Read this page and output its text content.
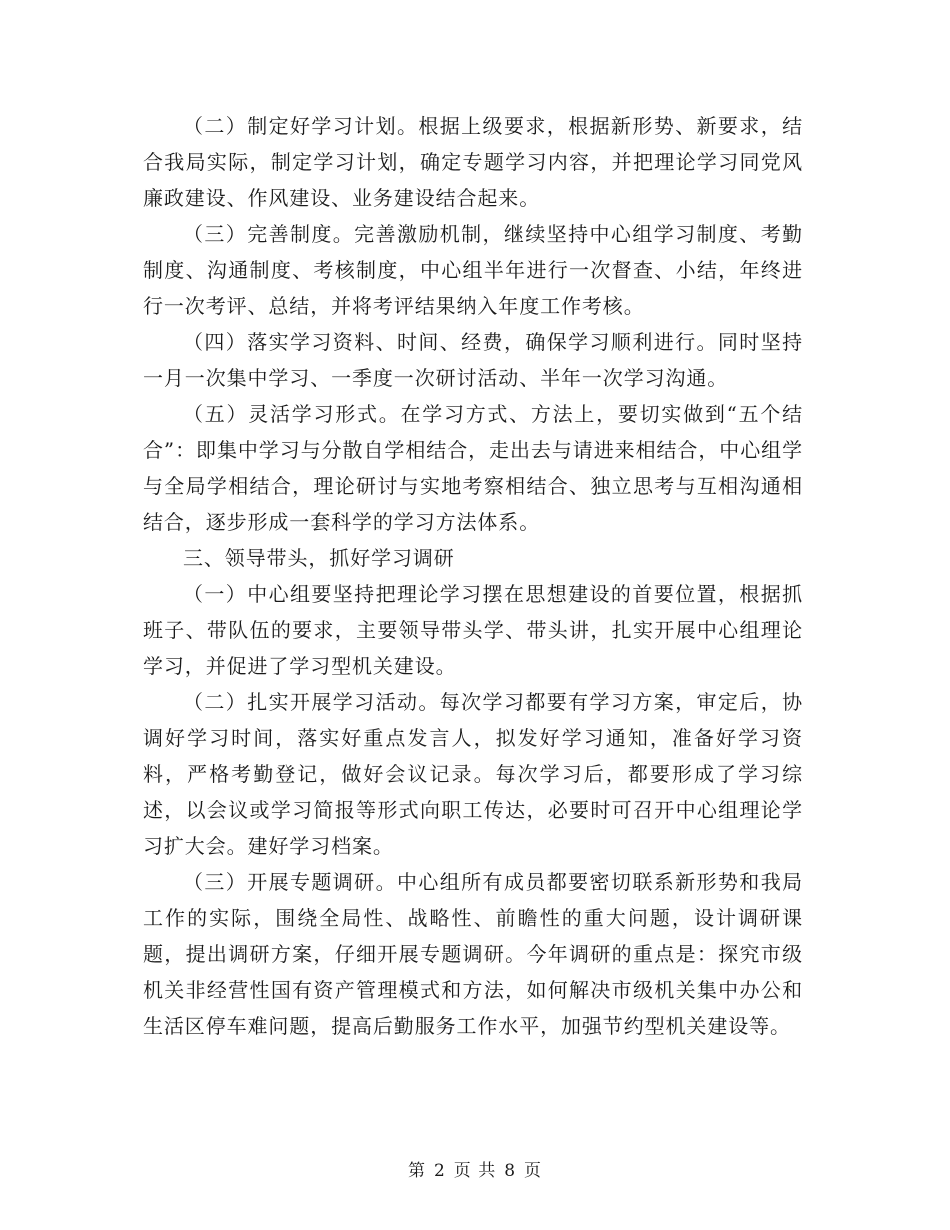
（二）制定好学习计划。根据上级要求，根据新形势、新要求，结合我局实际，制定学习计划，确定专题学习内容，并把理论学习同党风廉政建设、作风建设、业务建设结合起来。

（三）完善制度。完善激励机制，继续坚持中心组学习制度、考勤制度、沟通制度、考核制度，中心组半年进行一次督查、小结，年终进行一次考评、总结，并将考评结果纳入年度工作考核。

（四）落实学习资料、时间、经费，确保学习顺利进行。同时坚持一月一次集中学习、一季度一次研讨活动、半年一次学习沟通。

（五）灵活学习形式。在学习方式、方法上，要切实做到“五个结合”：即集中学习与分散自学相结合，走出去与请进来相结合，中心组学与全局学相结合，理论研讨与实地考察相结合、独立思考与互相沟通相结合，逐步形成一套科学的学习方法体系。

三、领导带头，抓好学习调研

（一）中心组要坚持把理论学习摆在思想建设的首要位置，根据抓班子、带队伍的要求，主要领导带头学、带头讲，扎实开展中心组理论学习，并促进了学习型机关建设。

（二）扎实开展学习活动。每次学习都要有学习方案，审定后，协调好学习时间，落实好重点发言人，拟发好学习通知，准备好学习资料，严格考勤登记，做好会议记录。每次学习后，都要形成了学习综述，以会议或学习简报等形式向职工传达，必要时可召开中心组理论学习扩大会。建好学习档案。

（三）开展专题调研。中心组所有成员都要密切联系新形势和我局工作的实际，围绕全局性、战略性、前瞻性的重大问题，设计调研课题，提出调研方案，仔细开展专题调研。今年调研的重点是：探究市级机关非经营性国有资产管理模式和方法，如何解决市级机关集中办公和生活区停车难问题，提高后勤服务工作水平，加强节约型机关建设等。

第 2 页 共 8 页
